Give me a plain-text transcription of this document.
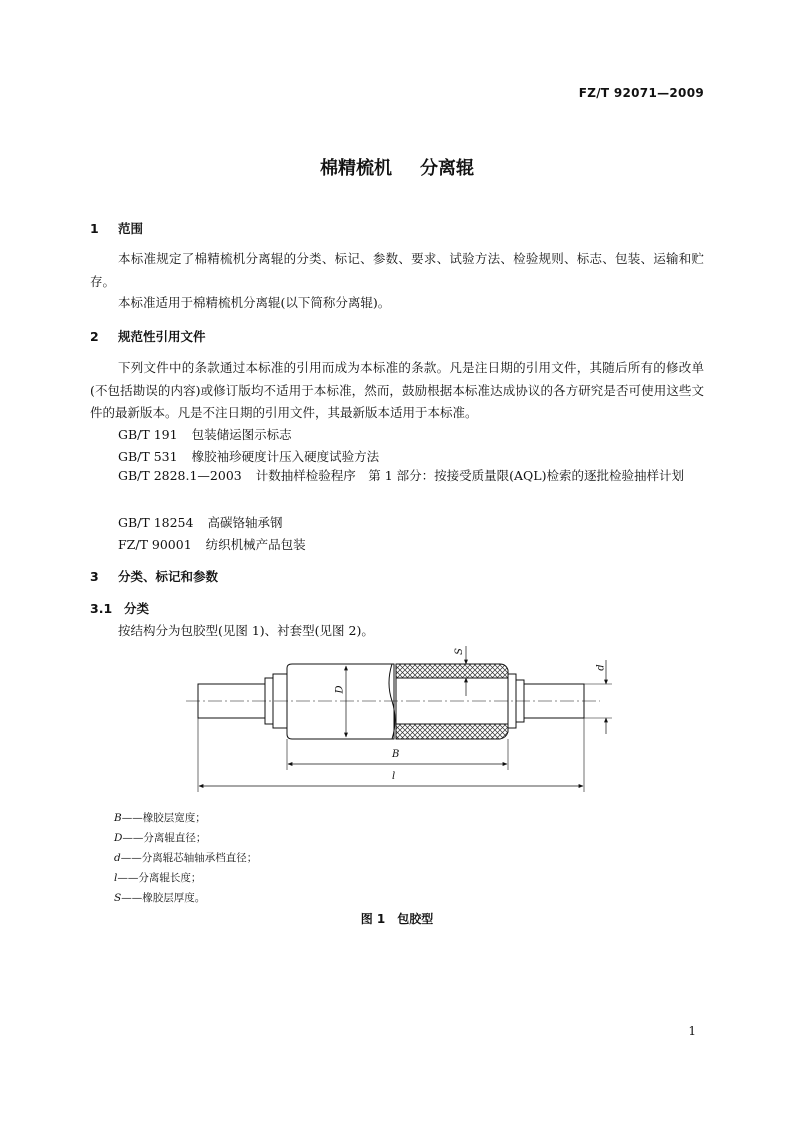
FZ/T 92071—2009
棉精梳机 分离辊
1 范围
本标准规定了棉精梳机分离辊的分类、标记、参数、要求、试验方法、检验规则、标志、包装、运输和贮存。
本标准适用于棉精梳机分离辊(以下简称分离辊)。
2 规范性引用文件
下列文件中的条款通过本标准的引用而成为本标准的条款。凡是注日期的引用文件，其随后所有的修改单(不包括勘误的内容)或修订版均不适用于本标准，然而，鼓励根据本标准达成协议的各方研究是否可使用这些文件的最新版本。凡是不注日期的引用文件，其最新版本适用于本标准。
GB/T 191 包装储运图示标志
GB/T 531 橡胶袖珍硬度计压入硬度试验方法
GB/T 2828.1—2003 计数抽样检验程序　第 1 部分：按接受质量限(AQL)检索的逐批检验抽样计划
GB/T 18254 高碳铬轴承钢
FZ/T 90001 纺织机械产品包装
3 分类、标记和参数
3.1 分类
按结构分为包胶型(见图 1)、衬套型(见图 2)。
D
d
S
B
l
B——橡胶层宽度；
D——分离辊直径；
d——分离辊芯轴轴承档直径；
l——分离辊长度；
S——橡胶层厚度。
图 1 包胶型
1
